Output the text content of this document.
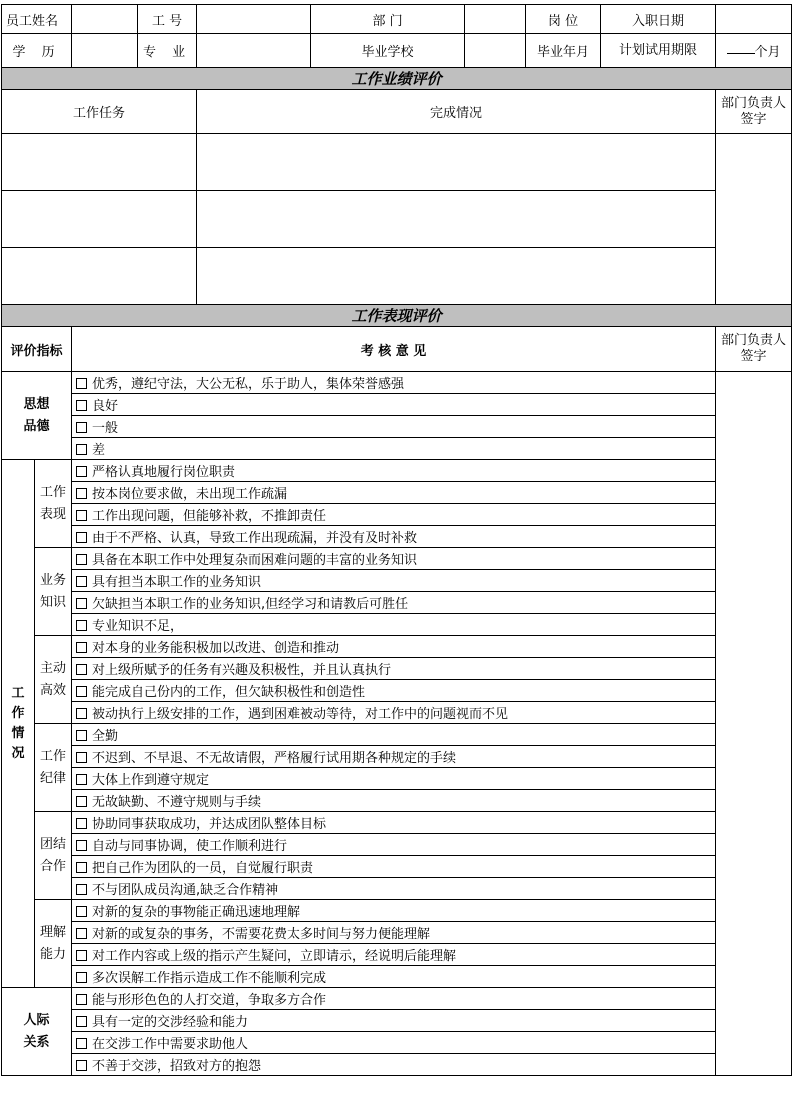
员工姓名			工 号		部 门		岗 位	入职日期		
学 历			专 业		毕业学校		毕业年月	计划试用期限	个月	
工作业绩评价										
工作任务				完成情况					部门负责人签字	

工作表现评价										
评价指标		考 核 意 见							部门负责人签字	
思想品德		优秀，遵纪守法，大公无私，乐于助人，集体荣誉感强								
		良好								
		一般								
		差								
工作情况	工作表现	严格认真地履行岗位职责								
		按本岗位要求做，未出现工作疏漏								
		工作出现问题，但能够补救，不推卸责任								
		由于不严格、认真，导致工作出现疏漏，并没有及时补救								
	业务知识	具备在本职工作中处理复杂而困难问题的丰富的业务知识								
		具有担当本职工作的业务知识								
		欠缺担当本职工作的业务知识,但经学习和请教后可胜任								
		专业知识不足，								
	主动高效	对本身的业务能积极加以改进、创造和推动								
		对上级所赋予的任务有兴趣及积极性，并且认真执行								
		能完成自己份内的工作，但欠缺积极性和创造性								
		被动执行上级安排的工作，遇到困难被动等待，对工作中的问题视而不见								
	工作纪律	全勤								
		不迟到、不早退、不无故请假，严格履行试用期各种规定的手续								
		大体上作到遵守规定								
		无故缺勤、不遵守规则与手续								
	团结合作	协助同事获取成功，并达成团队整体目标								
		自动与同事协调，使工作顺利进行								
		把自己作为团队的一员，自觉履行职责								
		不与团队成员沟通,缺乏合作精神								
	理解能力	对新的复杂的事物能正确迅速地理解								
		对新的或复杂的事务，不需要花费太多时间与努力便能理解								
		对工作内容或上级的指示产生疑问，立即请示，经说明后能理解								
		多次误解工作指示造成工作不能顺利完成								
人际关系		能与形形色色的人打交道，争取多方合作								
		具有一定的交涉经验和能力								
		在交涉工作中需要求助他人								
		不善于交涉，招致对方的抱怨								
